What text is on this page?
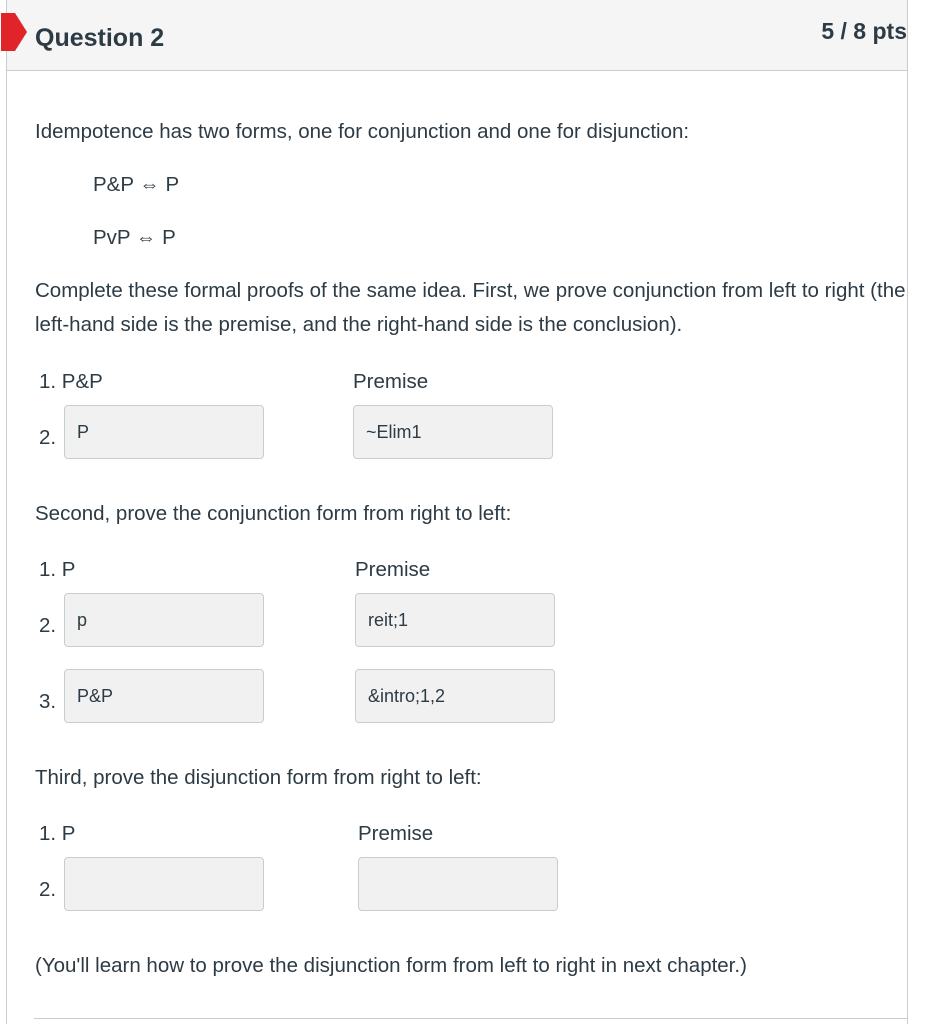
Question 2	5 / 8 pts
Idempotence has two forms, one for conjunction and one for disjunction:
P&P ⇔ P
PvP ⇔ P
Complete these formal proofs of the same idea. First, we prove conjunction from left to right (the left-hand side is the premise, and the right-hand side is the conclusion).
1. P&P	Premise
2.	P	~Elim1
Second, prove the conjunction form from right to left:
1. P	Premise
2.	p	reit;1
3.	P&P	&intro;1,2
Third, prove the disjunction form from right to left:
1. P	Premise
2.
(You'll learn how to prove the disjunction form from left to right in next chapter.)
